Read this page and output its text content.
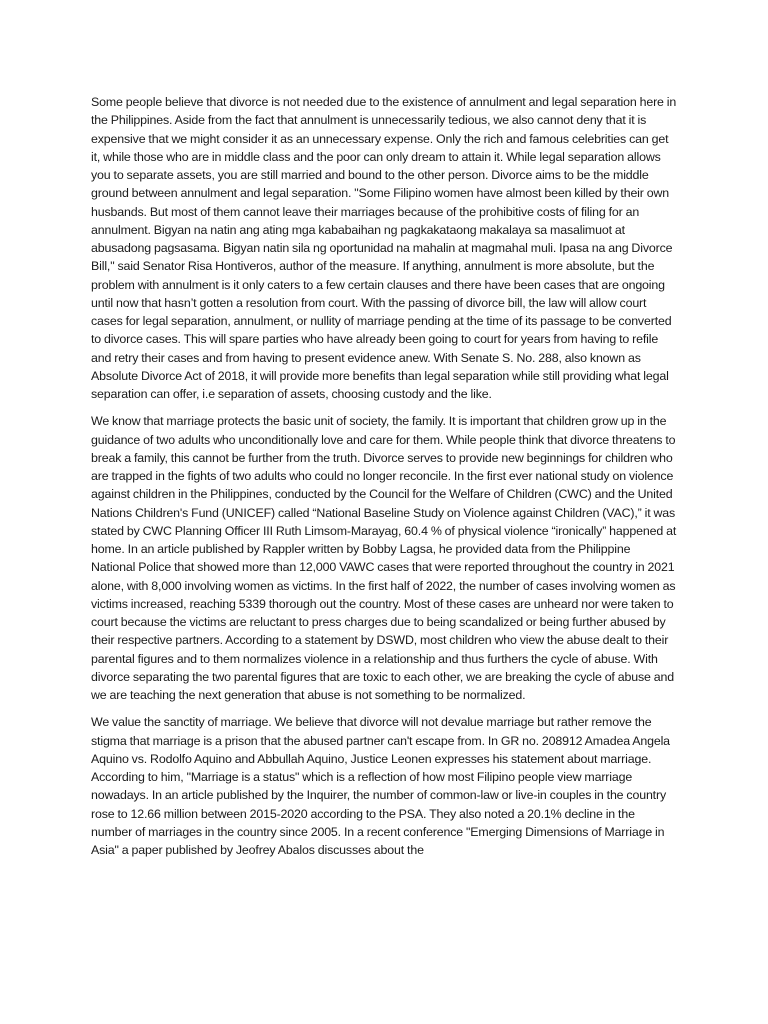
Some people believe that divorce is not needed due to the existence of annulment and legal separation here in the Philippines. Aside from the fact that annulment is unnecessarily tedious, we also cannot deny that it is expensive that we might consider it as an unnecessary expense. Only the rich and famous celebrities can get it, while those who are in middle class and the poor can only dream to attain it. While legal separation allows you to separate assets, you are still married and bound to the other person. Divorce aims to be the middle ground between annulment and legal separation. "Some Filipino women have almost been killed by their own husbands. But most of them cannot leave their marriages because of the prohibitive costs of filing for an annulment. Bigyan na natin ang ating mga kababaihan ng pagkakataong makalaya sa masalimuot at abusadong pagsasama. Bigyan natin sila ng oportunidad na mahalin at magmahal muli. Ipasa na ang Divorce Bill," said Senator Risa Hontiveros, author of the measure. If anything, annulment is more absolute, but the problem with annulment is it only caters to a few certain clauses and there have been cases that are ongoing until now that hasn’t gotten a resolution from court. With the passing of divorce bill, the law will allow court cases for legal separation, annulment, or nullity of marriage pending at the time of its passage to be converted to divorce cases. This will spare parties who have already been going to court for years from having to refile and retry their cases and from having to present evidence anew. With Senate S. No. 288, also known as Absolute Divorce Act of 2018, it will provide more benefits than legal separation while still providing what legal separation can offer, i.e separation of assets, choosing custody and the like.

We know that marriage protects the basic unit of society, the family. It is important that children grow up in the guidance of two adults who unconditionally love and care for them. While people think that divorce threatens to break a family, this cannot be further from the truth. Divorce serves to provide new beginnings for children who are trapped in the fights of two adults who could no longer reconcile. In the first ever national study on violence against children in the Philippines, conducted by the Council for the Welfare of Children (CWC) and the United Nations Children's Fund (UNICEF) called “National Baseline Study on Violence against Children (VAC),” it was stated by CWC Planning Officer III Ruth Limsom-Marayag, 60.4 % of physical violence “ironically” happened at home. In an article published by Rappler written by Bobby Lagsa, he provided data from the Philippine National Police that showed more than 12,000 VAWC cases that were reported throughout the country in 2021 alone, with 8,000 involving women as victims. In the first half of 2022, the number of cases involving women as victims increased, reaching 5339 thorough out the country. Most of these cases are unheard nor were taken to court because the victims are reluctant to press charges due to being scandalized or being further abused by their respective partners. According to a statement by DSWD, most children who view the abuse dealt to their parental figures and to them normalizes violence in a relationship and thus furthers the cycle of abuse. With divorce separating the two parental figures that are toxic to each other, we are breaking the cycle of abuse and we are teaching the next generation that abuse is not something to be normalized.

We value the sanctity of marriage. We believe that divorce will not devalue marriage but rather remove the stigma that marriage is a prison that the abused partner can't escape from. In GR no. 208912 Amadea Angela Aquino vs. Rodolfo Aquino and Abbullah Aquino, Justice Leonen expresses his statement about marriage. According to him, "Marriage is a status" which is a reflection of how most Filipino people view marriage nowadays. In an article published by the Inquirer, the number of common-law or live-in couples in the country rose to 12.66 million between 2015-2020 according to the PSA. They also noted a 20.1% decline in the number of marriages in the country since 2005. In a recent conference "Emerging Dimensions of Marriage in Asia" a paper published by Jeofrey Abalos discusses about the
